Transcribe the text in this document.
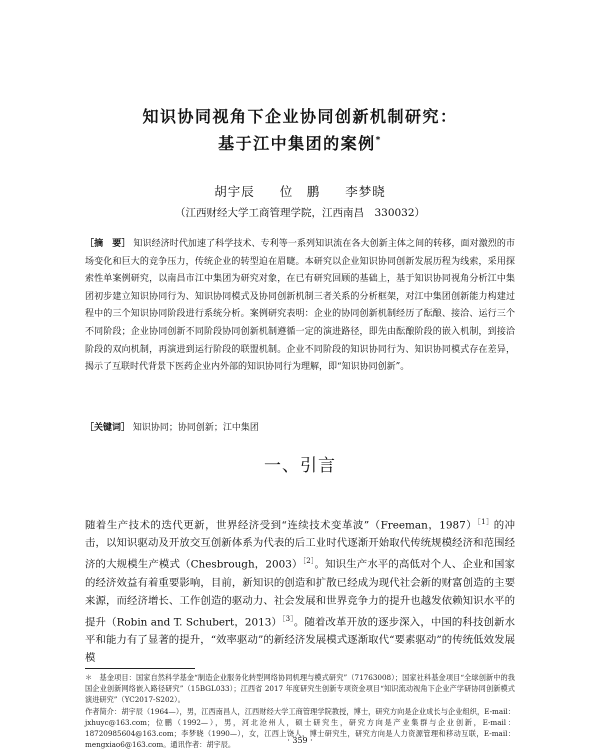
知识协同视角下企业协同创新机制研究：
基于江中集团的案例*
胡宇辰 位　鹏 李梦晓
（江西财经大学工商管理学院，江西南昌　330032）
［摘　要］ 知识经济时代加速了科学技术、专利等一系列知识流在各大创新主体之间的转移，面对激烈的市场变化和巨大的竞争压力，传统企业的转型迫在眉睫。本研究以企业知识协同创新发展历程为线索，采用探索性单案例研究，以南昌市江中集团为研究对象，在已有研究回顾的基础上，基于知识协同视角分析江中集团初步建立知识协同行为、知识协同模式及协同创新机制三者关系的分析框架，对江中集团创新能力构建过程中的三个知识协同阶段进行系统分析。案例研究表明：企业的协同创新机制经历了酝酿、接洽、运行三个不同阶段；企业协同创新不同阶段协同创新机制遵循一定的演进路径，即先由酝酿阶段的嵌入机制，到接洽阶段的双向机制，再演进到运行阶段的联盟机制。企业不同阶段的知识协同行为、知识协同模式存在差异，揭示了互联时代背景下医药企业内外部的知识协同行为理解，即“知识协同创新”。
［关键词］ 知识协同；协同创新；江中集团
一、引言
随着生产技术的迭代更新，世界经济受到“连续技术变革波”（Freeman，1987）$^{[1]}$的冲击，以知识驱动及开放交互创新体系为代表的后工业时代逐渐开始取代传统规模经济和范围经济的大规模生产模式（Chesbrough，2003）$^{[2]}$。知识生产水平的高低对个人、企业和国家的经济效益有着重要影响，目前，新知识的创造和扩散已经成为现代社会新的财富创造的主要来源，而经济增长、工作创造的驱动力、社会发展和世界竞争力的提升也越发依赖知识水平的提升（Robin and T. Schubert，2013）$^{[3]}$。随着改革开放的逐步深入，中国的科技创新水平和能力有了显著的提升，“效率驱动”的新经济发展模式逐渐取代“要素驱动”的传统低效发展模

＊　基金项目：国家自然科学基金“制造企业服务化转型网络协同机理与模式研究”（71763008）；国家社科基金项目“全球创新中的我国企业创新网络嵌入路径研究”（15BGL033）；江西省 2017 年度研究生创新专项资金项目“知识流动视角下企业产学研协同创新模式演进研究”（YC2017-S202）。

作者简介：胡宇辰（1964—），男，江西南昌人，江西财经大学工商管理学院教授，博士，研究方向是企业成长与企业组织，E-mail：jxhuyc@163.com；位鹏（1992—），男，河北沧州人，硕士研究生，研究方向是产业集群与企业创新，E-mail：18720985604@163.com；李梦晓（1990—），女，江西上饶人，博士研究生，研究方向是人力资源管理和移动互联，E-mail：mengxiao6@163.com。通讯作者：胡宇辰。	· 359 ·
